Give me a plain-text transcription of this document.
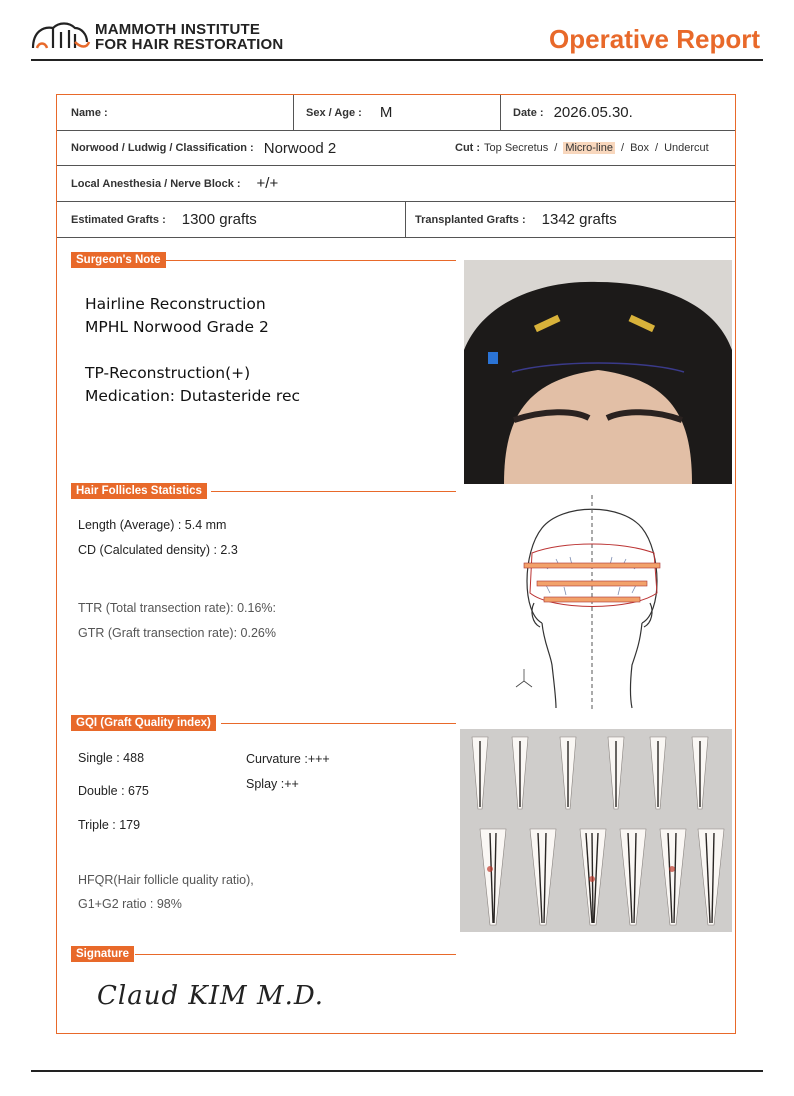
MAMMOTH INSTITUTE
FOR HAIR RESTORATION	Operative Report
Name :	Sex / Age : M	Date : 2026.05.30.
Norwood / Ludwig / Classification : Norwood 2	Cut : Top Secretus / Micro-line / Box / Undercut
Local Anesthesia / Nerve Block : +/+
Estimated Grafts : 1300 grafts	Transplanted Grafts : 1342 grafts
Surgeon's Note
Hairline Reconstruction
MPHL Norwood Grade 2
TP-Reconstruction(+)
Medication: Dutasteride rec
Hair Follicles Statistics
Length (Average) : 5.4 mm
CD (Calculated density) : 2.3
TTR (Total transection rate): 0.16%:
GTR (Graft transection rate): 0.26%
GQI (Graft Quality index)
Single : 488
Double : 675
Triple : 179
Curvature :+++
Splay :++
HFQR(Hair follicle quality ratio),
G1+G2 ratio : 98%
Signature
Claud KIM M.D.
